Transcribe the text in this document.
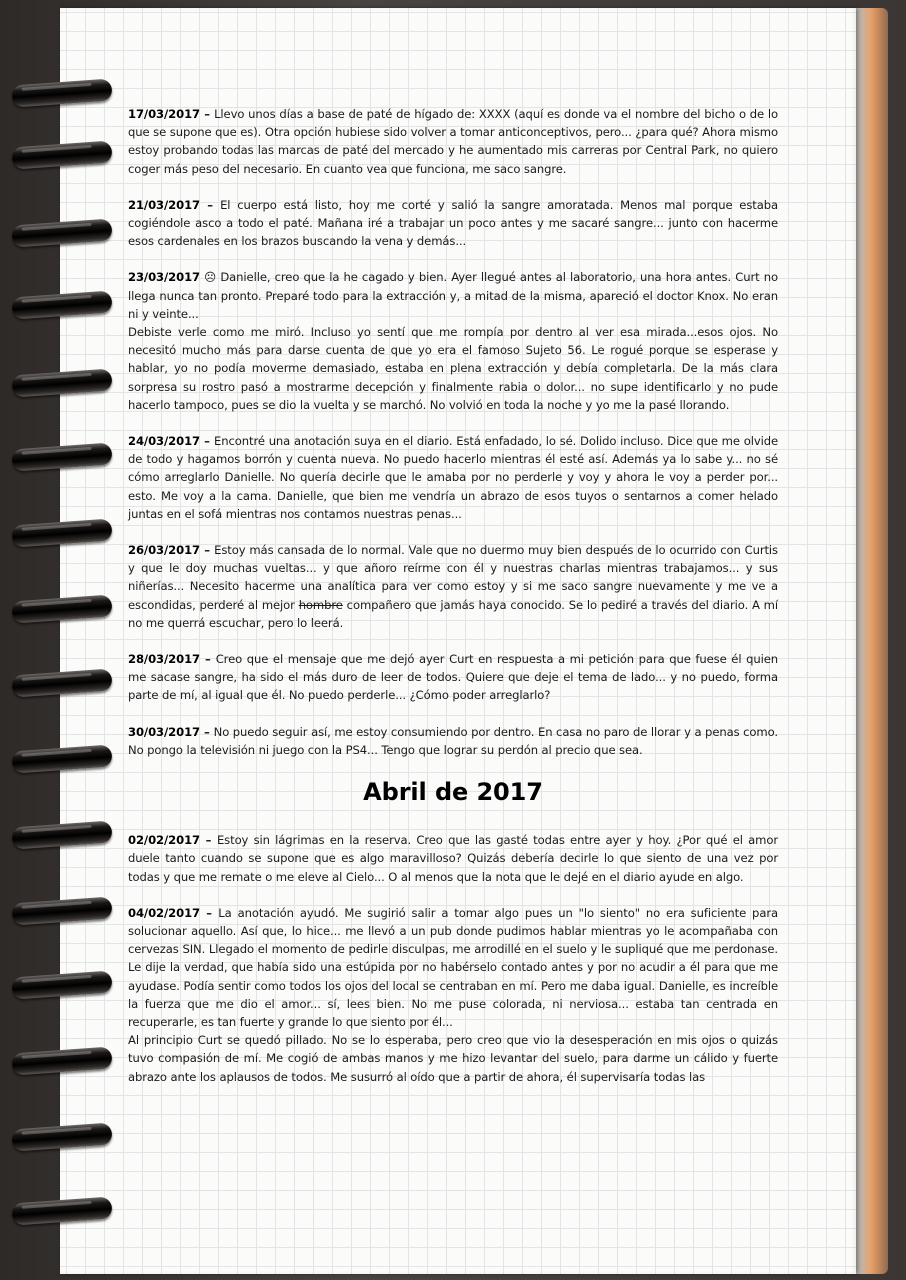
17/03/2017 – Llevo unos días a base de paté de hígado de: XXXX (aquí es donde va el nombre del bicho o de lo que se supone que es). Otra opción hubiese sido volver a tomar anticonceptivos, pero... ¿para qué? Ahora mismo estoy probando todas las marcas de paté del mercado y he aumentado mis carreras por Central Park, no quiero coger más peso del necesario. En cuanto vea que funciona, me saco sangre.

21/03/2017 – El cuerpo está listo, hoy me corté y salió la sangre amoratada. Menos mal porque estaba cogiéndole asco a todo el paté. Mañana iré a trabajar un poco antes y me sacaré sangre... junto con hacerme esos cardenales en los brazos buscando la vena y demás...

23/03/2017 ☹ Danielle, creo que la he cagado y bien. Ayer llegué antes al laboratorio, una hora antes. Curt no llega nunca tan pronto. Preparé todo para la extracción y, a mitad de la misma, apareció el doctor Knox. No eran ni y veinte...

Debiste verle como me miró. Incluso yo sentí que me rompía por dentro al ver esa mirada...esos ojos. No necesitó mucho más para darse cuenta de que yo era el famoso Sujeto 56. Le rogué porque se esperase y hablar, yo no podía moverme demasiado, estaba en plena extracción y debía completarla. De la más clara sorpresa su rostro pasó a mostrarme decepción y finalmente rabia o dolor... no supe identificarlo y no pude hacerlo tampoco, pues se dio la vuelta y se marchó. No volvió en toda la noche y yo me la pasé llorando.

24/03/2017 – Encontré una anotación suya en el diario. Está enfadado, lo sé. Dolido incluso. Dice que me olvide de todo y hagamos borrón y cuenta nueva. No puedo hacerlo mientras él esté así. Además ya lo sabe y... no sé cómo arreglarlo Danielle. No quería decirle que le amaba por no perderle y voy y ahora le voy a perder por... esto. Me voy a la cama. Danielle, que bien me vendría un abrazo de esos tuyos o sentarnos a comer helado juntas en el sofá mientras nos contamos nuestras penas...

26/03/2017 – Estoy más cansada de lo normal. Vale que no duermo muy bien después de lo ocurrido con Curtis y que le doy muchas vueltas... y que añoro reírme con él y nuestras charlas mientras trabajamos... y sus niñerías... Necesito hacerme una analítica para ver como estoy y si me saco sangre nuevamente y me ve a escondidas, perderé al mejor hombre compañero que jamás haya conocido. Se lo pediré a través del diario. A mí no me querrá escuchar, pero lo leerá.

28/03/2017 – Creo que el mensaje que me dejó ayer Curt en respuesta a mi petición para que fuese él quien me sacase sangre, ha sido el más duro de leer de todos. Quiere que deje el tema de lado... y no puedo, forma parte de mí, al igual que él. No puedo perderle... ¿Cómo poder arreglarlo?

30/03/2017 – No puedo seguir así, me estoy consumiendo por dentro. En casa no paro de llorar y a penas como. No pongo la televisión ni juego con la PS4... Tengo que lograr su perdón al precio que sea.

Abril de 2017

02/02/2017 – Estoy sin lágrimas en la reserva. Creo que las gasté todas entre ayer y hoy. ¿Por qué el amor duele tanto cuando se supone que es algo maravilloso? Quizás debería decirle lo que siento de una vez por todas y que me remate o me eleve al Cielo... O al menos que la nota que le dejé en el diario ayude en algo.

04/02/2017 – La anotación ayudó. Me sugirió salir a tomar algo pues un "lo siento" no era suficiente para solucionar aquello. Así que, lo hice... me llevó a un pub donde pudimos hablar mientras yo le acompañaba con cervezas SIN. Llegado el momento de pedirle disculpas, me arrodillé en el suelo y le supliqué que me perdonase. Le dije la verdad, que había sido una estúpida por no habérselo contado antes y por no acudir a él para que me ayudase. Podía sentir como todos los ojos del local se centraban en mí. Pero me daba igual. Danielle, es increíble la fuerza que me dio el amor... sí, lees bien. No me puse colorada, ni nerviosa... estaba tan centrada en recuperarle, es tan fuerte y grande lo que siento por él...

Al principio Curt se quedó pillado. No se lo esperaba, pero creo que vio la desesperación en mis ojos o quizás tuvo compasión de mí. Me cogió de ambas manos y me hizo levantar del suelo, para darme un cálido y fuerte abrazo ante los aplausos de todos. Me susurró al oído que a partir de ahora, él supervisaría todas las
